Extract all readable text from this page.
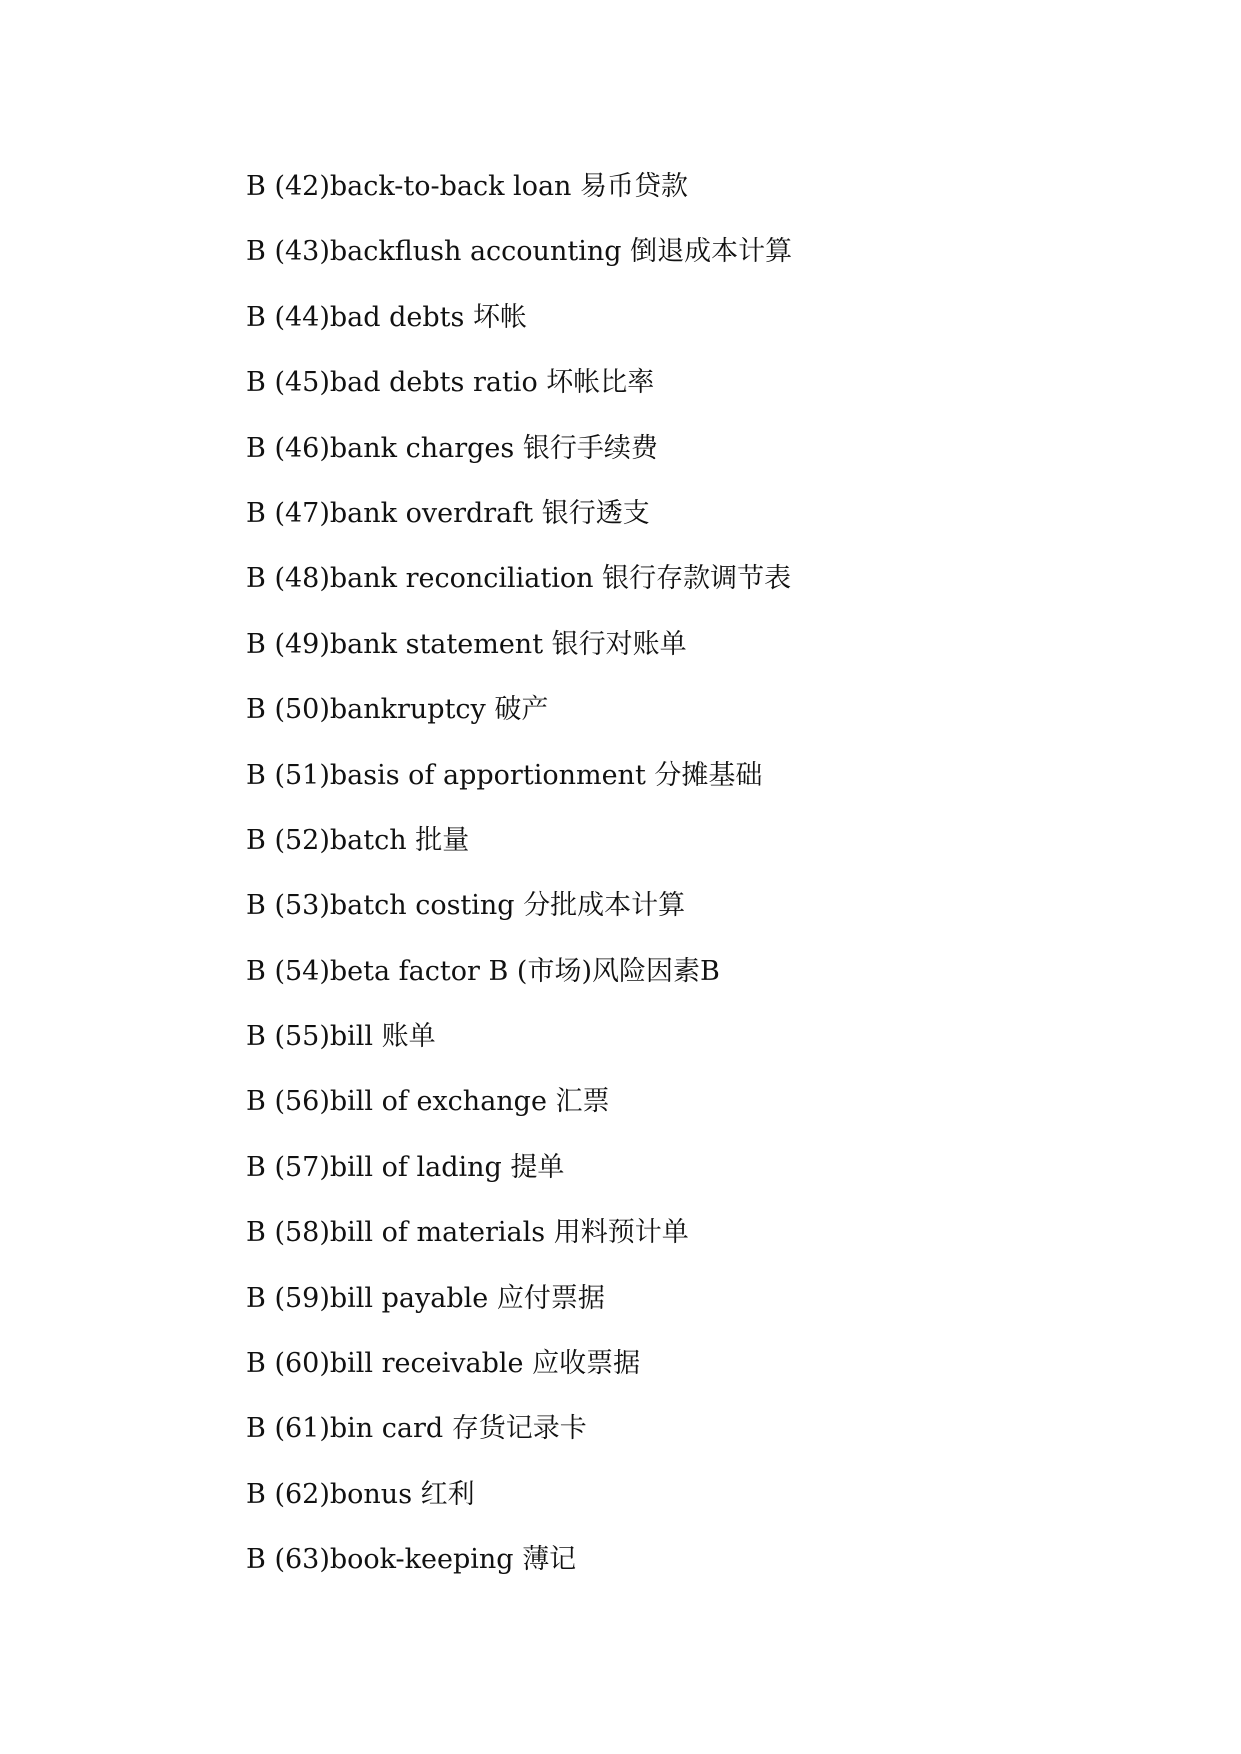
B (42)back-to-back loan 易币贷款
B (43)backflush accounting 倒退成本计算
B (44)bad debts 坏帐
B (45)bad debts ratio 坏帐比率
B (46)bank charges 银行手续费
B (47)bank overdraft 银行透支
B (48)bank reconciliation 银行存款调节表
B (49)bank statement 银行对账单
B (50)bankruptcy 破产
B (51)basis of apportionment 分摊基础
B (52)batch 批量
B (53)batch costing 分批成本计算
B (54)beta factor B (市场)风险因素B
B (55)bill 账单
B (56)bill of exchange 汇票
B (57)bill of lading 提单
B (58)bill of materials 用料预计单
B (59)bill payable 应付票据
B (60)bill receivable 应收票据
B (61)bin card 存货记录卡
B (62)bonus 红利
B (63)book-keeping 薄记
